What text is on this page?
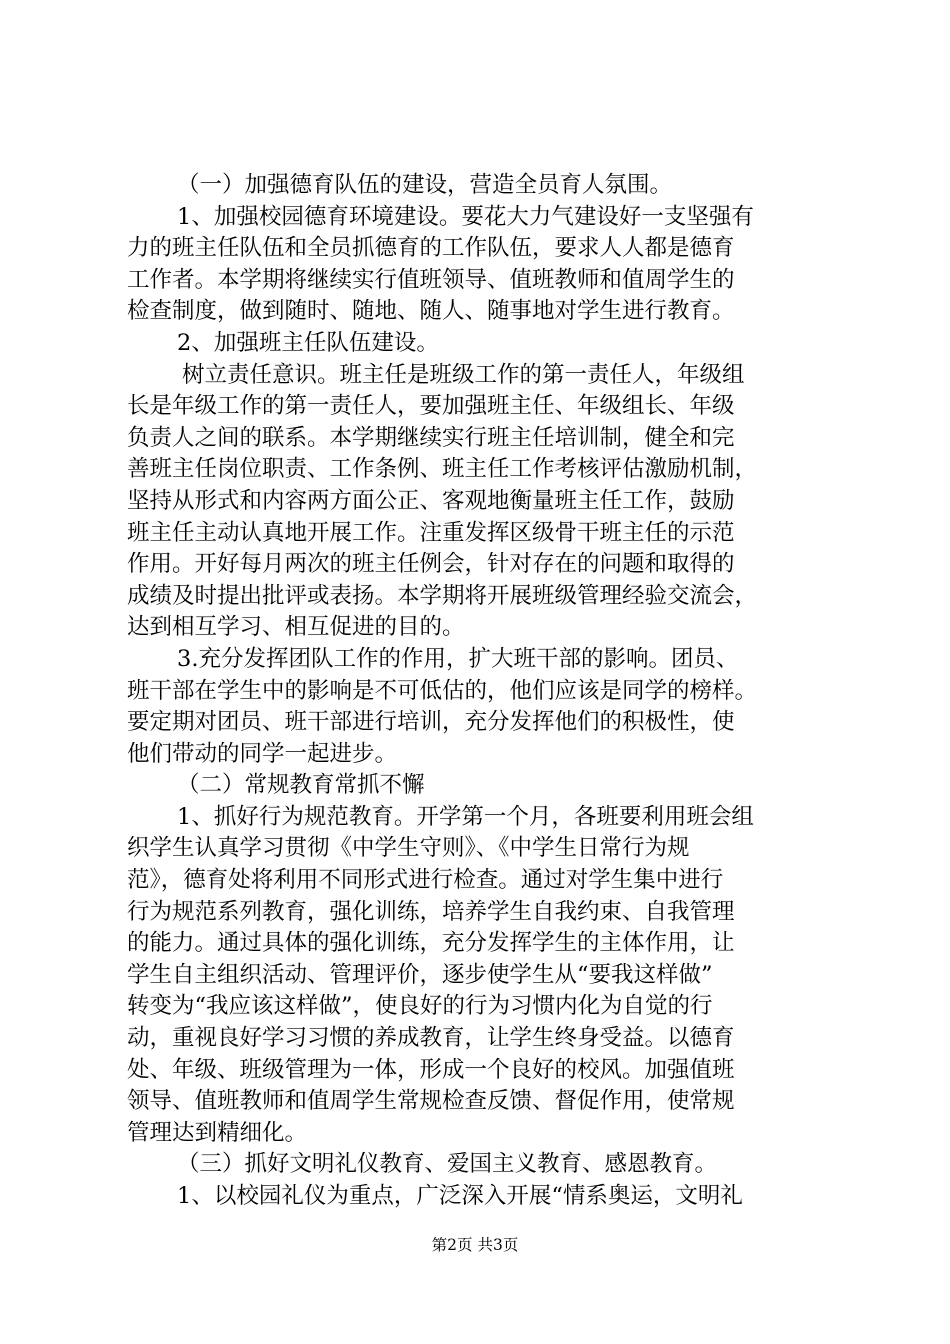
（一）加强德育队伍的建设，营造全员育人氛围。
1、加强校园德育环境建设。要花大力气建设好一支坚强有
力的班主任队伍和全员抓德育的工作队伍，要求人人都是德育
工作者。本学期将继续实行值班领导、值班教师和值周学生的
检查制度，做到随时、随地、随人、随事地对学生进行教育。
2、加强班主任队伍建设。
树立责任意识。班主任是班级工作的第一责任人，年级组
长是年级工作的第一责任人，要加强班主任、年级组长、年级
负责人之间的联系。本学期继续实行班主任培训制，健全和完
善班主任岗位职责、工作条例、班主任工作考核评估激励机制，
坚持从形式和内容两方面公正、客观地衡量班主任工作，鼓励
班主任主动认真地开展工作。注重发挥区级骨干班主任的示范
作用。开好每月两次的班主任例会，针对存在的问题和取得的
成绩及时提出批评或表扬。本学期将开展班级管理经验交流会，
达到相互学习、相互促进的目的。
3.充分发挥团队工作的作用，扩大班干部的影响。团员、
班干部在学生中的影响是不可低估的，他们应该是同学的榜样。
要定期对团员、班干部进行培训，充分发挥他们的积极性，使
他们带动的同学一起进步。
（二）常规教育常抓不懈
1、抓好行为规范教育。开学第一个月，各班要利用班会组
织学生认真学习贯彻《中学生守则》、《中学生日常行为规
范》，德育处将利用不同形式进行检查。通过对学生集中进行
行为规范系列教育，强化训练，培养学生自我约束、自我管理
的能力。通过具体的强化训练，充分发挥学生的主体作用，让
学生自主组织活动、管理评价，逐步使学生从“要我这样做”
转变为“我应该这样做”，使良好的行为习惯内化为自觉的行
动，重视良好学习习惯的养成教育，让学生终身受益。以德育
处、年级、班级管理为一体，形成一个良好的校风。加强值班
领导、值班教师和值周学生常规检查反馈、督促作用，使常规
管理达到精细化。
（三）抓好文明礼仪教育、爱国主义教育、感恩教育。
1、以校园礼仪为重点，广泛深入开展“情系奥运，文明礼
第2页 共3页
